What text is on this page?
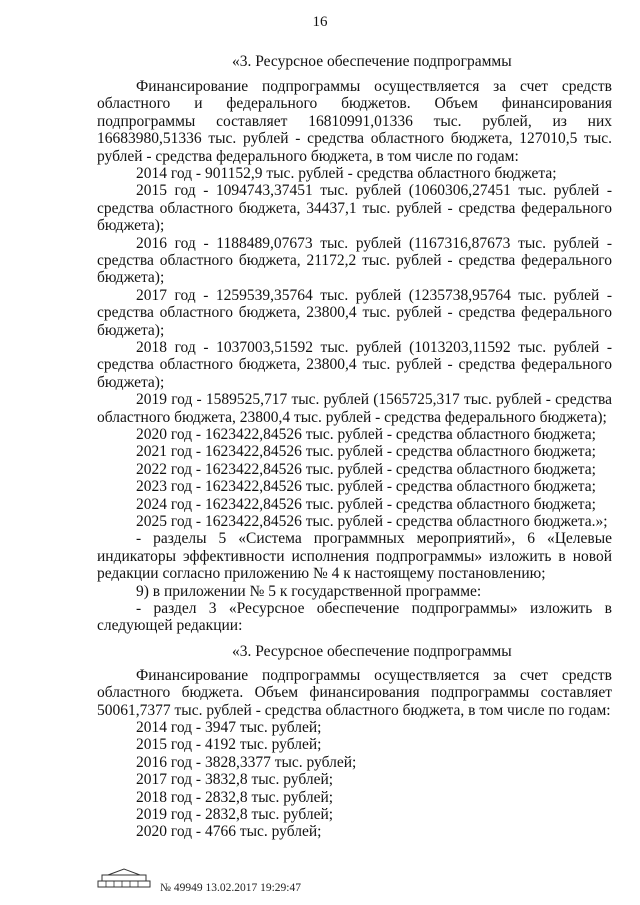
16
«3. Ресурсное обеспечение подпрограммы
Финансирование подпрограммы осуществляется за счет средств
областного и федерального бюджетов. Объем финансирования
подпрограммы составляет 16810991,01336 тыс. рублей, из них
16683980,51336 тыс. рублей - средства областного бюджета, 127010,5 тыс.
рублей - средства федерального бюджета, в том числе по годам:
2014 год - 901152,9 тыс. рублей - средства областного бюджета;
2015 год - 1094743,37451 тыс. рублей (1060306,27451 тыс. рублей -
средства областного бюджета, 34437,1 тыс. рублей - средства федерального
бюджета);
2016 год - 1188489,07673 тыс. рублей (1167316,87673 тыс. рублей -
средства областного бюджета, 21172,2 тыс. рублей - средства федерального
бюджета);
2017 год - 1259539,35764 тыс. рублей (1235738,95764 тыс. рублей -
средства областного бюджета, 23800,4 тыс. рублей - средства федерального
бюджета);
2018 год - 1037003,51592 тыс. рублей (1013203,11592 тыс. рублей -
средства областного бюджета, 23800,4 тыс. рублей - средства федерального
бюджета);
2019 год - 1589525,717 тыс. рублей (1565725,317 тыс. рублей - средства
областного бюджета, 23800,4 тыс. рублей - средства федерального бюджета);
2020 год - 1623422,84526 тыс. рублей - средства областного бюджета;
2021 год - 1623422,84526 тыс. рублей - средства областного бюджета;
2022 год - 1623422,84526 тыс. рублей - средства областного бюджета;
2023 год - 1623422,84526 тыс. рублей - средства областного бюджета;
2024 год - 1623422,84526 тыс. рублей - средства областного бюджета;
2025 год - 1623422,84526 тыс. рублей - средства областного бюджета.»;
- разделы 5 «Система программных мероприятий», 6 «Целевые
индикаторы эффективности исполнения подпрограммы» изложить в новой
редакции согласно приложению № 4 к настоящему постановлению;
9) в приложении № 5 к государственной программе:
- раздел 3 «Ресурсное обеспечение подпрограммы» изложить в
следующей редакции:
«3. Ресурсное обеспечение подпрограммы
Финансирование подпрограммы осуществляется за счет средств
областного бюджета. Объем финансирования подпрограммы составляет
50061,7377 тыс. рублей - средства областного бюджета, в том числе по годам:
2014 год - 3947 тыс. рублей;
2015 год - 4192 тыс. рублей;
2016 год - 3828,3377 тыс. рублей;
2017 год - 3832,8 тыс. рублей;
2018 год - 2832,8 тыс. рублей;
2019 год - 2832,8 тыс. рублей;
2020 год - 4766 тыс. рублей;
№ 49949 13.02.2017 19:29:47
